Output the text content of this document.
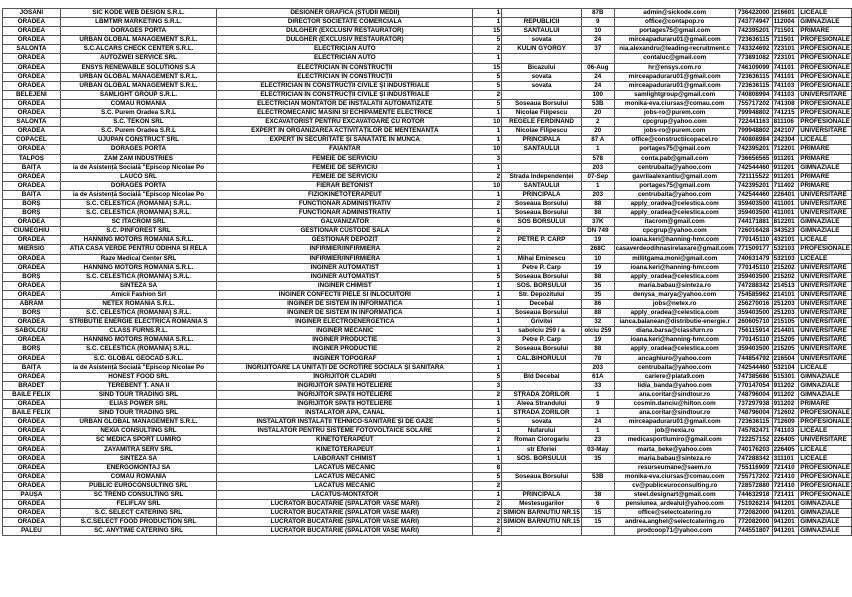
JOSANI	SIC KODE WEB DESIGN S.R.L.	DESIGNER GRAFICA (STUDII MEDII)	1		87B	admin@sickode.com	736422000	216601	LICEALE
ORADEA	LBMTMR MARKETING S.R.L.	DIRECTOR SOCIETATE COMERCIALA	1	REPUBLICII	9	office@contapop.ro	743774947	112004	GIMNAZIALE
ORADEA	DORAGES PORTA	DULGHER (EXCLUSIV RESTAURATOR)	15	SANTAULUI	10	portages75@gmail.com	742395201	711501	PRIMARE
ORADEA	URBAN GLOBAL MANAGEMENT S.R.L.	DULGHER (EXCLUSIV RESTAURATOR)	5	sovata	24	mirceapaduraru01@gmail.com	723636115	711501	PROFESIONALE
SALONTA	S.C.ALCARS CHECK CENTER S.R.L.	ELECTRICIAN AUTO	2	KULIN GYORGY	37	nia.alexandru@leading-recruitment.c	743324692	723101	PROFESIONALE
ORADEA	AUTOZWEI SERVICE SRL	ELECTRICIAN AUTO	1			contaluc@gmail.com	773891082	723101	PROFESIONALE
ORADEA	ENSYS RENEWABLE SOLUTIONS S.A	ELECTRICIAN ÎN CONSTRUCȚII	15	Bicazului	06-Aug	hr@ensys.com.ro	746109099	741101	PROFESIONALE
ORADEA	URBAN GLOBAL MANAGEMENT S.R.L.	ELECTRICIAN ÎN CONSTRUCȚII	5	sovata	24	mirceapaduraru01@gmail.com	723636115	741101	PROFESIONALE
ORADEA	URBAN GLOBAL MANAGEMENT S.R.L.	ELECTRICIAN ÎN CONSTRUCȚII CIVILE ȘI INDUSTRIALE	5	sovata	24	mirceapaduraru01@gmail.com	723636115	741103	PROFESIONALE
BELEJENI	SAMLIGHT GROUP S.R.L.	ELECTRICIAN ÎN CONSTRUCȚII CIVILE ȘI INDUSTRIALE	2		100	samlightgroup@gmail.com	740808994	741103	UNIVERSITARE
ORADEA	COMAU ROMANIA	ELECTRICIAN MONTATOR DE INSTALATII AUTOMATIZATE	5	Soseaua Borsului	53B	monika-eva.ciursas@comau.com	755717202	741308	PROFESIONALE
ORADEA	S.C. Purem Oradea S.R.L	ELECTROMECANIC MASINI SI ECHIPAMENTE ELECTRICE	1	Nicolae Filipescu	20	jobs-ro@purem.com	799948802	741215	PROFESIONALE
SALONTA	S.C. TEKON SRL	EXCAVATORIST PENTRU EXCAVATOARE CU ROTOR	10	REGELE FERDINAND	2	cpcgrup@yahoo.com	722441163	811106	PROFESIONALE
ORADEA	S.C. Purem Oradea S.R.L	EXPERT ÎN ORGANIZAREA ACTIVITĂȚILOR DE MENTENANȚĂ	1	Nicolae Filipescu	20	jobs-ro@purem.com	799948802	242107	UNIVERSITARE
COPĂCEL	UJUPAN CONSTRUCT SRL	EXPERT ÎN SECURITATE ȘI SĂNĂTATE ÎN MUNCĂ	1	PRINCIPALA	87 A	office@constructiicopacel.ro	740808984	242304	LICEALE
ORADEA	DORAGES PORTA	FAIANTAR	10	SANTAULUI	1	portages75@gmail.com	742395201	712201	PRIMARE
TALPOȘ	ZAM ZAM INDUSTRIES	FEMEIE DE SERVICIU	3		578	conta.pab@gmail.com	736656565	911201	PRIMARE
BĂIȚA	ia de Asistență Socială "Episcop Nicolae Po	FEMEIE DE SERVICIU	1		203	centrubaita@yahoo.com	742544460	911201	GIMNAZIALE
ORADEA	LAUCO SRL	FEMEIE DE SERVICIU	2	Strada Independenței	07-Sep	gavrilaalexantiu@gmail.com	721115522	911201	PRIMARE
ORADEA	DORAGES PORTA	FIERAR BETONIST	10	SANTAULUI	1	portages75@gmail.com	742395201	711402	PRIMARE
BĂIȚA	ia de Asistență Socială "Episcop Nicolae Po	FIZIOKINETOTERAPEUT	1	PRINCIPALA	203	centrubaita@yahoo.com	742544460	226401	UNIVERSITARE
BORȘ	S.C. CELESTICA (ROMANIA) S.R.L.	FUNCTIONAR ADMINISTRATIV	2	Soseaua Borsului	88	apply_oradea@celestica.com	359403500	411001	UNIVERSITARE
BORȘ	S.C. CELESTICA (ROMANIA) S.R.L.	FUNCTIONAR ADMINISTRATIV	1	Soseaua Borsului	88	apply_oradea@celestica.com	359403500	411001	UNIVERSITARE
ORADEA	SC ITACROM SRL	GALVANIZATOR	6	SOS BORSULUI	37K	itacrom@gmail.com	744171881	812201	GIMNAZIALE
CIUMEGHIU	S.C. PINFOREST SRL	GESTIONAR CUSTODE SALA	2		DN 749	cpcgrup@yahoo.com	726016428	343523	GIMNAZIALE
ORADEA	HANNING MOTORS ROMANIA S.R.L.	GESTIONAR DEPOZIT	2	PETRE P. CARP	19	ioana.keri@hanning-hmr.com	770145110	432101	LICEALE
MIERSIG	ATIA CASA VERDE PENTRU ODIHNA SI RELA	INFIRMIER/INFIRMIERA	2		268C	casaverdeodihnasirelaxare@gmail.com	771509177	532103	PROFESIONALE
ORADEA	Raze Medical Center SRL	INFIRMIER/INFIRMIERA	1	Mihai Eminescu	10	millitgama.moni@gmail.com	740631479	532103	LICEALE
ORADEA	HANNING MOTORS ROMANIA S.R.L.	INGINER AUTOMATIST	1	Petre P. Carp	19	ioana.keri@hanning-hmr.com	770145110	215202	UNIVERSITARE
BORȘ	S.C. CELESTICA (ROMANIA) S.R.L.	INGINER AUTOMATIST	5	Soseaua Borsului	88	apply_oradea@celestica.com	359403500	215202	UNIVERSITARE
ORADEA	SINTEZA SA	INGINER CHIMIST	1	SOS. BORSULUI	35	maria.babau@sinteza.ro	747288342	214513	UNIVERSITARE
ORADEA	Amicii Fashion Srl	INGINER CONFECTII PIELE SI ÎNLOCUITORI	1	Str. Depozitului	35	denysa_marya@yahoo.com	754585962	214101	UNIVERSITARE
ABRAM	NETEX ROMANIA S.R.L.	INGINER DE SISTEM ÎN INFORMATICĂ	1	Decebal	86	jobs@netex.ro	256270016	251203	UNIVERSITARE
BORȘ	S.C. CELESTICA (ROMANIA) S.R.L.	INGINER DE SISTEM ÎN INFORMATICĂ	1	Soseaua Borsului	88	apply_oradea@celestica.com	359403500	251203	UNIVERSITARE
ORADEA	STRIBUTIE ENERGIE ELECTRICA ROMANIA S	INGINER ELECTROENERGETICA	1	Grivitei	32	ianca.balanean@distributie-energie.r	260605710	215105	UNIVERSITARE
SĂBOLCIU	CLASS FURNS.R.L.	INGINER MECANIC	1	sabolciu 259 / a	olciu 259	diana.barsa@classfurn.ro	756115914	214401	UNIVERSITARE
ORADEA	HANNING MOTORS ROMANIA S.R.L.	INGINER PRODUCTIE	3	Petre P. Carp	19	ioana.keri@hanning-hmr.com	770145110	215205	UNIVERSITARE
BORȘ	S.C. CELESTICA (ROMANIA) S.R.L.	INGINER PRODUCTIE	2	Soseaua Borsului	88	apply_oradea@celestica.com	359403500	215205	UNIVERSITARE
ORADEA	S.C. GLOBAL GEOCAD S.R.L.	INGINER TOPOGRAF	1	CAL.BIHORULUI	78	ancaghiuro@yahoo.com	744854792	216504	UNIVERSITARE
BĂIȚA	ia de Asistență Socială "Episcop Nicolae Po	ÎNGRIJITOARE LA UNITĂȚI DE OCROTIRE SOCIALĂ ȘI SANITARĂ	1		203	centrubaita@yahoo.com	742544460	532104	LICEALE
ORADEA	HONEST FOOD SRL	ÎNGRIJITOR CLĂDIRI	5	Bld Decebal	61A	cariere@piata9.com	747385686	515301	GIMNAZIALE
BRĂDET	TEREBENT Ț. ANA II	ÎNGRIJITOR SPAȚII HOTELIERE	3		33	lidia_banda@yahoo.com	770147054	911202	GIMNAZIALE
BĂILE FELIX	SIND TOUR TRADING SRL	ÎNGRIJITOR SPAȚII HOTELIERE	2	STRADA ZORILOR	1	ana.coritar@sindtour.ro	748796004	911202	GIMNAZIALE
ORADEA	ELIAS POWER SRL	ÎNGRIJITOR SPAȚII HOTELIERE	1	Aleea Strandului	9	cosmin.danciu@hilton.com	737297938	911202	PRIMARE
BĂILE FELIX	SIND TOUR TRADING SRL	INSTALATOR APA, CANAL	1	STRADA ZORILOR	1	ana.coritar@sindtour.ro	748796004	712602	PROFESIONALE
ORADEA	URBAN GLOBAL MANAGEMENT S.R.L.	INSTALATOR INSTALAȚII TEHNICO-SANITARE ȘI DE GAZE	5	sovata	24	mirceapaduraru01@gmail.com	723636115	712609	PROFESIONALE
ORADEA	NEXIA CONSULTING SRL	INSTALATOR PENTRU SISTEME FOTOVOLTAICE SOLARE	1	Nufarului	1	job@nexia.ro	745782471	741103	LICEALE
ORADEA	SC MEDICA SPORT LUMIRO	KINETOTERAPEUT	2	Roman Ciorogariu	23	medicasportlumiro@gmail.com	722257152	226405	UNIVERSITARE
ORADEA	ZAYAMITRA SERV SRL	KINETOTERAPEUT	1	str Eforiei	03-May	marta_beke@yahoo.com	740176203	226405	LICEALE
ORADEA	SINTEZA SA	LABORANT CHIMIST	1	SOS. BORSULUI	35	maria.babau@sinteza.ro	747288342	311101	LICEALE
ORADEA	ENERGOMONTAJ SA	LACATUS MECANIC	8			resurseumane@saem.ro	755116909	721410	PROFESIONALE
ORADEA	COMAU ROMANIA	LACATUS MECANIC	5	Soseaua Borsului	53B	monika-eva.ciursas@comau.com	755717202	721410	PROFESIONALE
ORADEA	PUBLIC EUROCONSULTING SRL	LACATUS MECANIC	2			cv@publiceuroconsulting.ro	728572880	721410	PROFESIONALE
PĂUȘA	SC TREND CONSULTING SRL	LACATUS-MONTATOR	1	PRINCIPALA	38	steel.designart@gmail.com	744632918	721411	PROFESIONALE
ORADEA	FELIFLAV SRL	LUCRATOR BUCATARIE (SPALATOR VASE MARI)	2	Mestesugarilor	6	pensiunea_ardealul@yahoo.com	751926214	941201	GIMNAZIALE
ORADEA	S.C. SELECT CATERING SRL	LUCRATOR BUCATARIE (SPALATOR VASE MARI)	2	SIMION BARNUTIU NR.15	15	office@selectcatering.ro	772082000	941201	GIMNAZIALE
ORADEA	S.C.SELECT FOOD PRODUCTION SRL	LUCRATOR BUCATARIE (SPALATOR VASE MARI)	2	SIMION BARNUTIU NR.15	15	andrea.anghel@selectcatering.ro	772082000	941201	GIMNAZIALE
PALEU	SC. ANYTIME CATERING SRL	LUCRATOR BUCATARIE (SPALATOR VASE MARI)	2			prodcoop71@yahoo.com	744551807	941201	GIMNAZIALE
